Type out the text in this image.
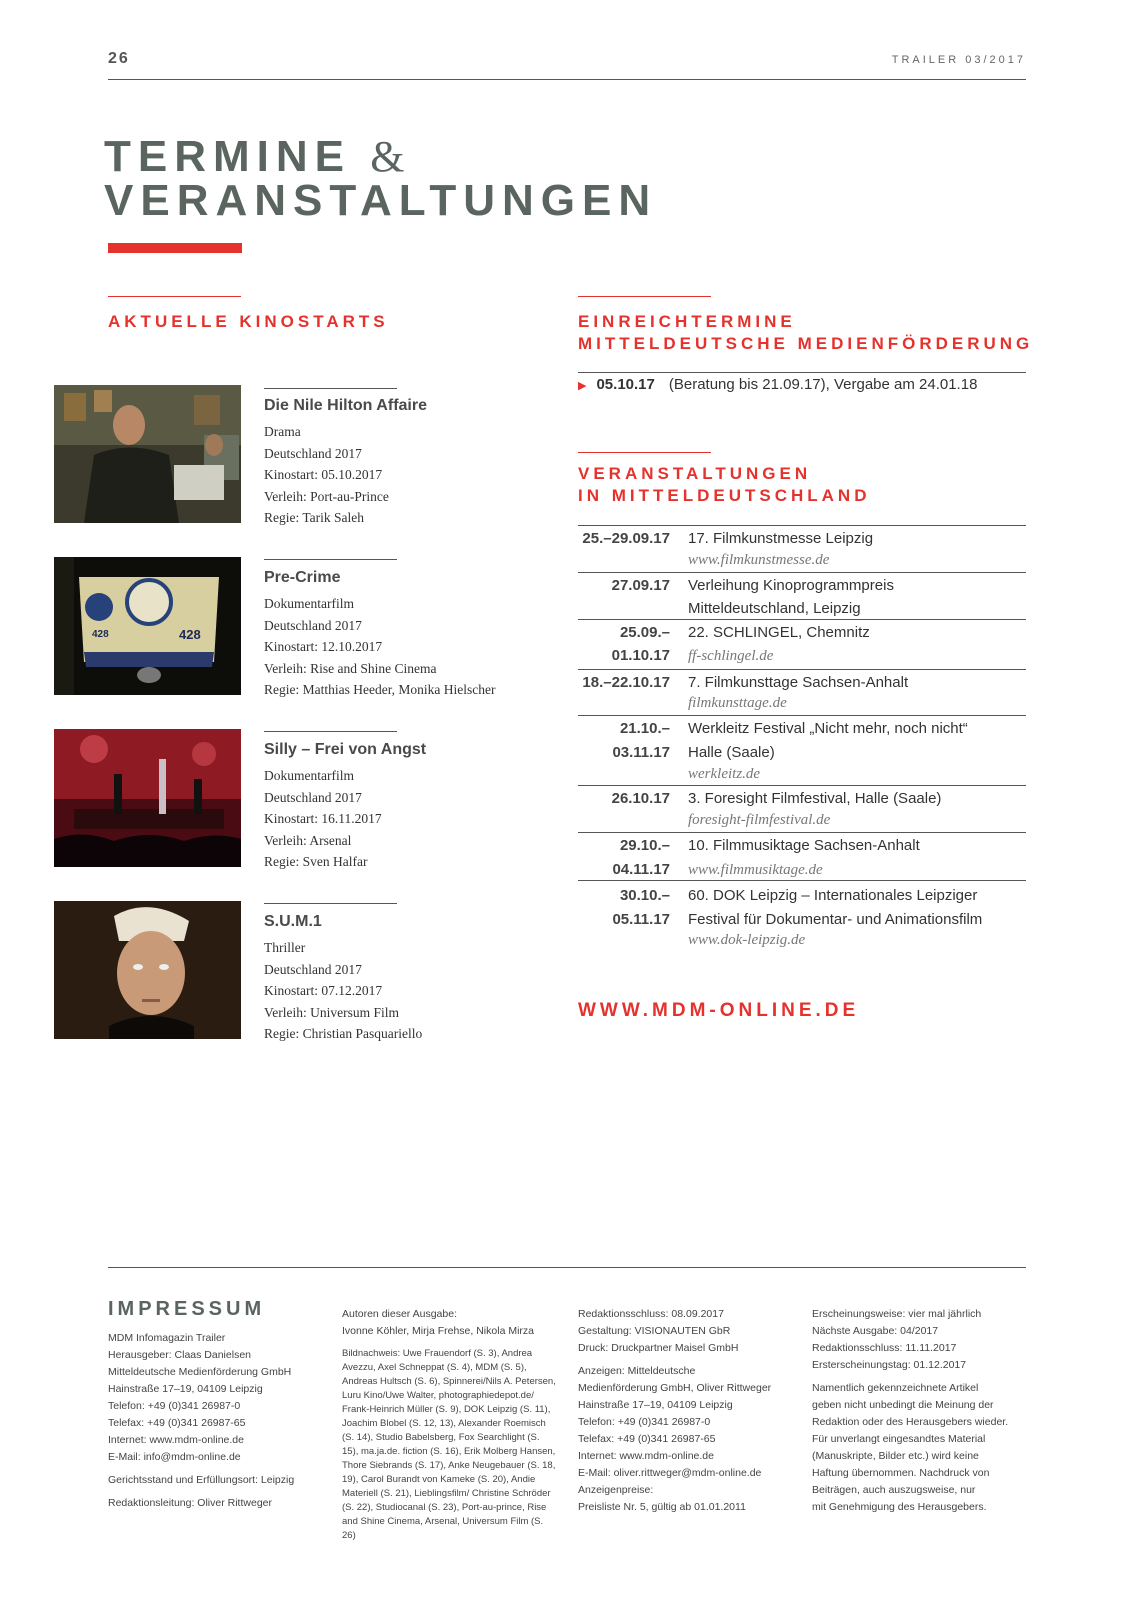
26	TRAILER 03/2017
TERMINE &
VERANSTALTUNGEN
AKTUELLE KINOSTARTS
Die Nile Hilton Affaire
Drama
Deutschland 2017
Kinostart: 05.10.2017
Verleih: Port-au-Prince
Regie: Tarik Saleh
428
428
Pre-Crime
Dokumentarfilm
Deutschland 2017
Kinostart: 12.10.2017
Verleih: Rise and Shine Cinema
Regie: Matthias Heeder, Monika Hielscher
Silly – Frei von Angst
Dokumentarfilm
Deutschland 2017
Kinostart: 16.11.2017
Verleih: Arsenal
Regie: Sven Halfar
S.U.M.1
Thriller
Deutschland 2017
Kinostart: 07.12.2017
Verleih: Universum Film
Regie: Christian Pasquariello
EINREICHTERMINE
MITTELDEUTSCHE MEDIENFÖRDERUNG
▶ 05.10.17 (Beratung bis 21.09.17), Vergabe am 24.01.18
VERANSTALTUNGEN
IN MITTELDEUTSCHLAND
25.–29.09.17 17. Filmkunstmesse Leipzig
www.filmkunstmesse.de
27.09.17 Verleihung Kinoprogrammpreis
Mitteldeutschland, Leipzig
25.09.– 22. SCHLINGEL, Chemnitz
01.10.17 ff-schlingel.de
18.–22.10.17 7. Filmkunsttage Sachsen-Anhalt
filmkunsttage.de
21.10.– Werkleitz Festival „Nicht mehr, noch nicht“
03.11.17 Halle (Saale)
werkleitz.de
26.10.17 3. Foresight Filmfestival, Halle (Saale)
foresight-filmfestival.de
29.10.– 10. Filmmusiktage Sachsen-Anhalt
04.11.17 www.filmmusiktage.de
30.10.– 60. DOK Leipzig – Internationales Leipziger
05.11.17 Festival für Dokumentar- und Animationsfilm
www.dok-leipzig.de
WWW.MDM-ONLINE.DE
IMPRESSUM
MDM Infomagazin Trailer
Herausgeber: Claas Danielsen
Mitteldeutsche Medienförderung GmbH
Hainstraße 17–19, 04109 Leipzig
Telefon: +49 (0)341 26987-0
Telefax: +49 (0)341 26987-65
Internet: www.mdm-online.de
E-Mail: info@mdm-online.de
Gerichtsstand und Erfüllungsort: Leipzig
Redaktionsleitung: Oliver Rittweger
Autoren dieser Ausgabe:
Ivonne Köhler, Mirja Frehse, Nikola Mirza
Bildnachweis: Uwe Frauendorf (S. 3), Andrea Avezzu, Axel Schneppat (S. 4), MDM (S. 5), Andreas Hultsch (S. 6), Spinnerei/Nils A. Petersen, Luru Kino/Uwe Walter, photographiedepot.de/ Frank-Heinrich Müller (S. 9), DOK Leipzig (S. 11), Joachim Blobel (S. 12, 13), Alexander Roemisch (S. 14), Studio Babelsberg, Fox Searchlight (S. 15), ma.ja.de. fiction (S. 16), Erik Molberg Hansen, Thore Siebrands (S. 17), Anke Neugebauer (S. 18, 19), Carol Burandt von Kameke (S. 20), Andie Materiell (S. 21), Lieblingsfilm/ Christine Schröder (S. 22), Studiocanal (S. 23), Port-au-prince, Rise and Shine Cinema, Arsenal, Universum Film (S. 26)
Redaktionsschluss: 08.09.2017
Gestaltung: VISIONAUTEN GbR
Druck: Druckpartner Maisel GmbH
Anzeigen: Mitteldeutsche
Medienförderung GmbH, Oliver Rittweger
Hainstraße 17–19, 04109 Leipzig
Telefon: +49 (0)341 26987-0
Telefax: +49 (0)341 26987-65
Internet: www.mdm-online.de
E-Mail: oliver.rittweger@mdm-online.de
Anzeigenpreise:
Preisliste Nr. 5, gültig ab 01.01.2011
Erscheinungsweise: vier mal jährlich
Nächste Ausgabe: 04/2017
Redaktionsschluss: 11.11.2017
Ersterscheinungstag: 01.12.2017
Namentlich gekennzeichnete Artikel
geben nicht unbedingt die Meinung der
Redaktion oder des Herausgebers wieder.
Für unverlangt eingesandtes Material
(Manuskripte, Bilder etc.) wird keine
Haftung übernommen. Nachdruck von
Beiträgen, auch auszugsweise, nur
mit Genehmigung des Herausgebers.
